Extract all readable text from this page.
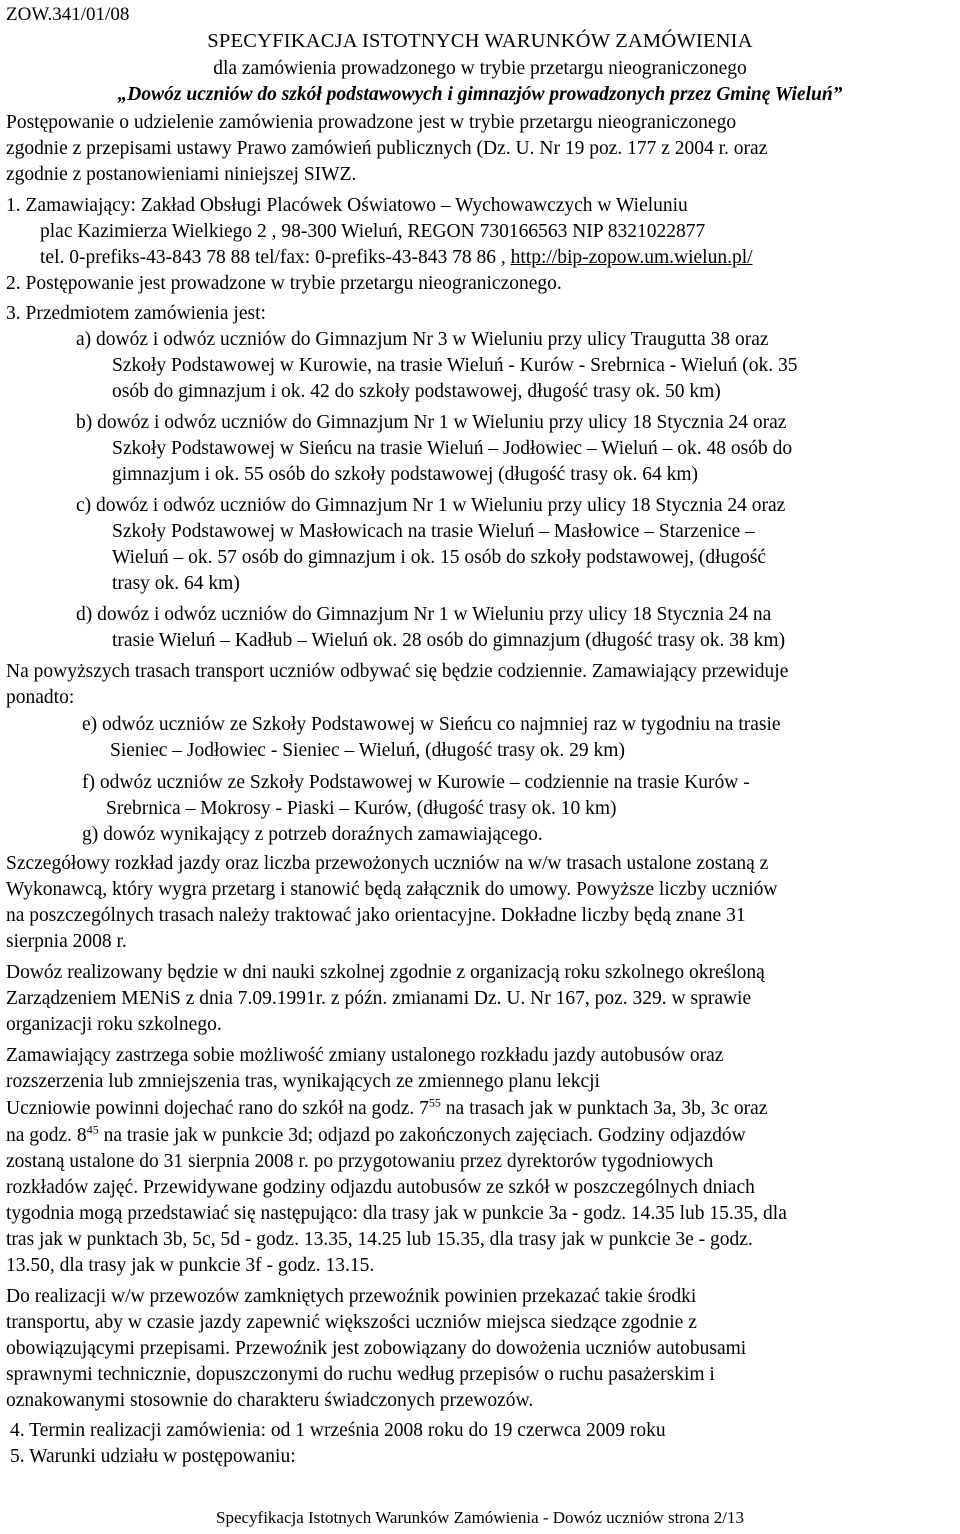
ZOW.341/01/08
SPECYFIKACJA ISTOTNYCH WARUNKÓW ZAMÓWIENIA
dla zamówienia prowadzonego w trybie przetargu nieograniczonego
„Dowóz uczniów do szkół podstawowych i gimnazjów prowadzonych przez Gminę Wieluń”
Postępowanie o udzielenie zamówienia prowadzone jest w trybie przetargu nieograniczonego
zgodnie z przepisami ustawy Prawo zamówień publicznych (Dz. U. Nr 19 poz. 177 z 2004 r. oraz
zgodnie z postanowieniami niniejszej SIWZ.
1. Zamawiający: Zakład Obsługi Placówek Oświatowo – Wychowawczych w Wieluniu
plac Kazimierza Wielkiego 2 , 98-300 Wieluń, REGON 730166563 NIP 8321022877
tel. 0-prefiks-43-843 78 88 tel/fax: 0-prefiks-43-843 78 86 , http://bip-zopow.um.wielun.pl/
2. Postępowanie jest prowadzone w trybie przetargu nieograniczonego.
3. Przedmiotem zamówienia jest:
a) dowóz i odwóz uczniów do Gimnazjum Nr 3 w Wieluniu przy ulicy Traugutta 38 oraz
Szkoły Podstawowej w Kurowie, na trasie Wieluń - Kurów - Srebrnica - Wieluń (ok. 35
osób do gimnazjum i ok. 42 do szkoły podstawowej, długość trasy ok. 50 km)
b) dowóz i odwóz uczniów do Gimnazjum Nr 1 w Wieluniu przy ulicy 18 Stycznia 24 oraz
Szkoły Podstawowej w Sieńcu na trasie Wieluń – Jodłowiec – Wieluń – ok. 48 osób do
gimnazjum i ok. 55 osób do szkoły podstawowej (długość trasy ok. 64 km)
c) dowóz i odwóz uczniów do Gimnazjum Nr 1 w Wieluniu przy ulicy 18 Stycznia 24 oraz
Szkoły Podstawowej w Masłowicach na trasie Wieluń – Masłowice – Starzenice –
Wieluń – ok. 57 osób do gimnazjum i ok. 15 osób do szkoły podstawowej, (długość
trasy ok. 64 km)
d) dowóz i odwóz uczniów do Gimnazjum Nr 1 w Wieluniu przy ulicy 18 Stycznia 24 na
trasie Wieluń – Kadłub – Wieluń ok. 28 osób do gimnazjum (długość trasy ok. 38 km)
Na powyższych trasach transport uczniów odbywać się będzie codziennie. Zamawiający przewiduje
ponadto:
e) odwóz uczniów ze Szkoły Podstawowej w Sieńcu co najmniej raz w tygodniu na trasie
Sieniec – Jodłowiec - Sieniec – Wieluń, (długość trasy ok. 29 km)
f) odwóz uczniów ze Szkoły Podstawowej w Kurowie – codziennie na trasie Kurów -
Srebrnica – Mokrosy - Piaski – Kurów, (długość trasy ok. 10 km)
g) dowóz wynikający z potrzeb doraźnych zamawiającego.
Szczegółowy rozkład jazdy oraz liczba przewożonych uczniów na w/w trasach ustalone zostaną z
Wykonawcą, który wygra przetarg i stanowić będą załącznik do umowy. Powyższe liczby uczniów
na poszczególnych trasach należy traktować jako orientacyjne. Dokładne liczby będą znane 31
sierpnia 2008 r.
Dowóz realizowany będzie w dni nauki szkolnej zgodnie z organizacją roku szkolnego określoną
Zarządzeniem MENiS z dnia 7.09.1991r. z późn. zmianami Dz. U. Nr 167, poz. 329. w sprawie
organizacji roku szkolnego.
Zamawiający zastrzega sobie możliwość zmiany ustalonego rozkładu jazdy autobusów oraz
rozszerzenia lub zmniejszenia tras, wynikających ze zmiennego planu lekcji
Uczniowie powinni dojechać rano do szkół na godz. $7^{55}$ na trasach jak w punktach 3a, 3b, 3c oraz
na godz. $8^{45}$ na trasie jak w punkcie 3d; odjazd po zakończonych zajęciach. Godziny odjazdów
zostaną ustalone do 31 sierpnia 2008 r. po przygotowaniu przez dyrektorów tygodniowych
rozkładów zajęć. Przewidywane godziny odjazdu autobusów ze szkół w poszczególnych dniach
tygodnia mogą przedstawiać się następująco: dla trasy jak w punkcie 3a - godz. 14.35 lub 15.35, dla
tras jak w punktach 3b, 5c, 5d - godz. 13.35, 14.25 lub 15.35, dla trasy jak w punkcie 3e - godz.
13.50, dla trasy jak w punkcie 3f - godz. 13.15.
Do realizacji w/w przewozów zamkniętych przewoźnik powinien przekazać takie środki
transportu, aby w czasie jazdy zapewnić większości uczniów miejsca siedzące zgodnie z
obowiązującymi przepisami. Przewoźnik jest zobowiązany do dowożenia uczniów autobusami
sprawnymi technicznie, dopuszczonymi do ruchu według przepisów o ruchu pasażerskim i
oznakowanymi stosownie do charakteru świadczonych przewozów.
4. Termin realizacji zamówienia: od 1 września 2008 roku do 19 czerwca 2009 roku
5. Warunki udziału w postępowaniu:
Specyfikacja Istotnych Warunków Zamówienia - Dowóz uczniów strona 2/13
